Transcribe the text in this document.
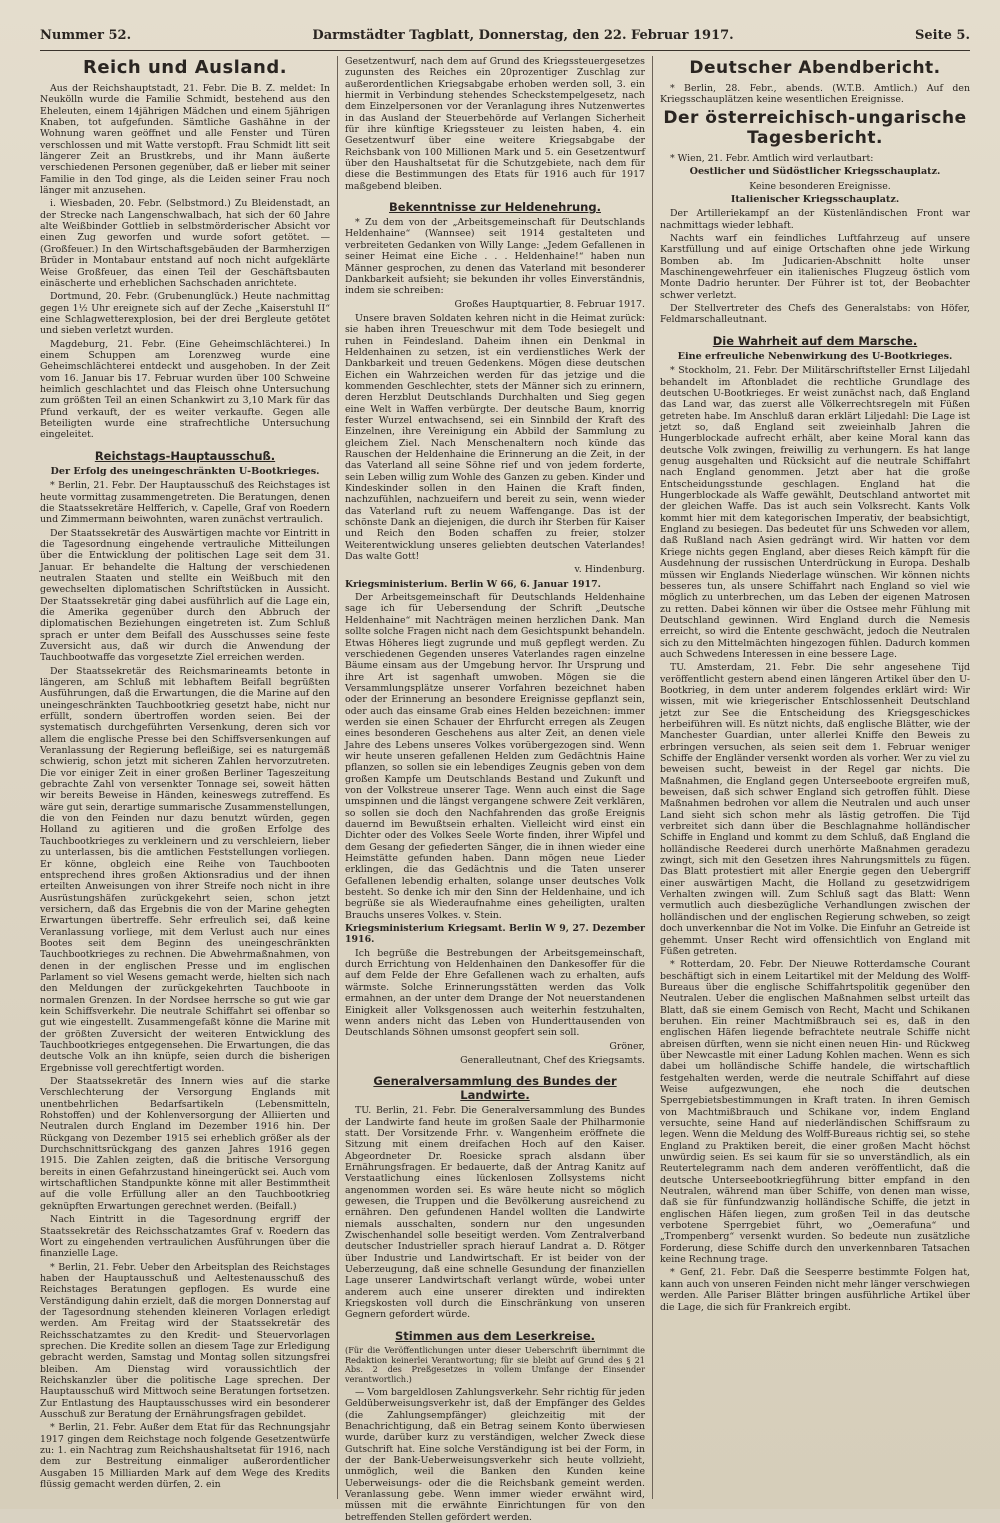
Nummer 52.	Darmstädter Tagblatt, Donnerstag, den 22. Februar 1917.	Seite 5.
Reich und Ausland.

Aus der Reichshauptstadt, 21. Febr. Die B. Z. meldet: In Neukölln wurde die Familie Schmidt, bestehend aus den Eheleuten, einem 14jährigen Mädchen und einem 5jährigen Knaben, tot aufgefunden. Sämtliche Gashähne in der Wohnung waren geöffnet und alle Fenster und Türen verschlossen und mit Watte verstopft. Frau Schmidt litt seit längerer Zeit an Brustkrebs, und ihr Mann äußerte verschiedenen Personen gegenüber, daß er lieber mit seiner Familie in den Tod ginge, als die Leiden seiner Frau noch länger mit anzusehen.

i. Wiesbaden, 20. Febr. (Selbstmord.) Zu Bleidenstadt, an der Strecke nach Langenschwalbach, hat sich der 60 Jahre alte Weißbinder Gottlieb in selbstmörderischer Absicht vor einen Zug geworfen und wurde sofort getötet. — (Großfeuer.) In den Wirtschaftsgebäuden der Barmherzigen Brüder in Montabaur entstand auf noch nicht aufgeklärte Weise Großfeuer, das einen Teil der Geschäftsbauten einäscherte und erheblichen Sachschaden anrichtete.

Dortmund, 20. Febr. (Grubenunglück.) Heute nachmittag gegen 1½ Uhr ereignete sich auf der Zeche „Kaiserstuhl II“ eine Schlagwetterexplosion, bei der drei Bergleute getötet und sieben verletzt wurden.

Magdeburg, 21. Febr. (Eine Geheimschlächterei.) In einem Schuppen am Lorenzweg wurde eine Geheimschlächterei entdeckt und ausgehoben. In der Zeit vom 16. Januar bis 17. Februar wurden über 100 Schweine heimlich geschlachtet und das Fleisch ohne Untersuchung zum größten Teil an einen Schankwirt zu 3,10 Mark für das Pfund verkauft, der es weiter verkaufte. Gegen alle Beteiligten wurde eine strafrechtliche Untersuchung eingeleitet.

Reichstags-Hauptausschuß.
Der Erfolg des uneingeschränkten U-Bootkrieges.

* Berlin, 21. Febr. Der Hauptausschuß des Reichstages ist heute vormittag zusammengetreten. Die Beratungen, denen die Staatssekretäre Helfferich, v. Capelle, Graf von Roedern und Zimmermann beiwohnten, waren zunächst vertraulich.

Der Staatssekretär des Auswärtigen machte vor Eintritt in die Tagesordnung eingehende vertrauliche Mitteilungen über die Entwicklung der politischen Lage seit dem 31. Januar. Er behandelte die Haltung der verschiedenen neutralen Staaten und stellte ein Weißbuch mit den gewechselten diplomatischen Schriftstücken in Aussicht. Der Staatssekretär ging dabei ausführlich auf die Lage ein, die Amerika gegenüber durch den Abbruch der diplomatischen Beziehungen eingetreten ist. Zum Schluß sprach er unter dem Beifall des Ausschusses seine feste Zuversicht aus, daß wir durch die Anwendung der Tauchbootwaffe das vorgesetzte Ziel erreichen werden.

Der Staatssekretär des Reichsmarineamts betonte in längeren, am Schluß mit lebhaftem Beifall begrüßten Ausführungen, daß die Erwartungen, die die Marine auf den uneingeschränkten Tauchbootkrieg gesetzt habe, nicht nur erfüllt, sondern übertroffen worden seien. Bei der systematisch durchgeführten Versenkung, deren sich vor allem die englische Presse bei den Schiffsversenkungen auf Veranlassung der Regierung befleißige, sei es naturgemäß schwierig, schon jetzt mit sicheren Zahlen hervorzutreten. Die vor einiger Zeit in einer großen Berliner Tageszeitung gebrachte Zahl von versenkter Tonnage sei, soweit hätten wir bereits Beweise in Händen, keineswegs zutreffend. Es wäre gut sein, derartige summarische Zusammenstellungen, die von den Feinden nur dazu benutzt würden, gegen Holland zu agitieren und die großen Erfolge des Tauchbootkrieges zu verkleinern und zu verschleiern, lieber zu unterlassen, bis die amtlichen Feststellungen vorliegen. Er könne, obgleich eine Reihe von Tauchbooten entsprechend ihres großen Aktionsradius und der ihnen erteilten Anweisungen von ihrer Streife noch nicht in ihre Ausrüstungshäfen zurückgekehrt seien, schon jetzt versichern, daß das Ergebnis die von der Marine gehegten Erwartungen übertreffe. Sehr erfreulich sei, daß keine Veranlassung vorliege, mit dem Verlust auch nur eines Bootes seit dem Beginn des uneingeschränkten Tauchbootkrieges zu rechnen. Die Abwehrmaßnahmen, von denen in der englischen Presse und im englischen Parlament so viel Wesens gemacht werde, hielten sich nach den Meldungen der zurückgekehrten Tauchboote in normalen Grenzen. In der Nordsee herrsche so gut wie gar kein Schiffsverkehr. Die neutrale Schiffahrt sei offenbar so gut wie eingestellt. Zusammengefaßt könne die Marine mit der größten Zuversicht der weiteren Entwicklung des Tauchbootkrieges entgegensehen. Die Erwartungen, die das deutsche Volk an ihn knüpfe, seien durch die bisherigen Ergebnisse voll gerechtfertigt worden.

Der Staatssekretär des Innern wies auf die starke Verschlechterung der Versorgung Englands mit unentbehrlichen Bedarfsartikeln (Lebensmitteln, Rohstoffen) und der Kohlenversorgung der Alliierten und Neutralen durch England im Dezember 1916 hin. Der Rückgang von Dezember 1915 sei erheblich größer als der Durchschnittsrückgang des ganzen Jahres 1916 gegen 1915. Die Zahlen zeigten, daß die britische Versorgung bereits in einen Gefahrzustand hineingerückt sei. Auch vom wirtschaftlichen Standpunkte könne mit aller Bestimmtheit auf die volle Erfüllung aller an den Tauchbootkrieg geknüpften Erwartungen gerechnet werden. (Beifall.)

Nach Eintritt in die Tagesordnung ergriff der Staatssekretär des Reichsschatzamtes Graf v. Roedern das Wort zu eingehenden vertraulichen Ausführungen über die finanzielle Lage.

* Berlin, 21. Febr. Ueber den Arbeitsplan des Reichstages haben der Hauptausschuß und Aeltestenausschuß des Reichstages Beratungen gepflogen. Es wurde eine Verständigung dahin erzielt, daß die morgen Donnerstag auf der Tagesordnung stehenden kleineren Vorlagen erledigt werden. Am Freitag wird der Staatssekretär des Reichsschatzamtes zu den Kredit- und Steuervorlagen sprechen. Die Kredite sollen an diesem Tage zur Erledigung gebracht werden, Samstag und Montag sollen sitzungsfrei bleiben. Am Dienstag wird voraussichtlich der Reichskanzler über die politische Lage sprechen. Der Hauptausschuß wird Mittwoch seine Beratungen fortsetzen. Zur Entlastung des Hauptausschusses wird ein besonderer Ausschuß zur Beratung der Ernährungsfragen gebildet.

* Berlin, 21. Febr. Außer dem Etat für das Rechnungsjahr 1917 gingen dem Reichstage noch folgende Gesetzentwürfe zu: 1. ein Nachtrag zum Reichshaushaltsetat für 1916, nach dem zur Bestreitung einmaliger außerordentlicher Ausgaben 15 Milliarden Mark auf dem Wege des Kredits flüssig gemacht werden dürfen, 2. ein

Gesetzentwurf, nach dem auf Grund des Kriegssteuergesetzes zugunsten des Reiches ein 20prozentiger Zuschlag zur außerordentlichen Kriegsabgabe erhoben werden soll, 3. ein hiermit in Verbindung stehendes Scheckstempelgesetz, nach dem Einzelpersonen vor der Veranlagung ihres Nutzenwertes in das Ausland der Steuerbehörde auf Verlangen Sicherheit für ihre künftige Kriegssteuer zu leisten haben, 4. ein Gesetzentwurf über eine weitere Kriegsabgabe der Reichsbank von 100 Millionen Mark und 5. ein Gesetzentwurf über den Haushaltsetat für die Schutzgebiete, nach dem für diese die Bestimmungen des Etats für 1916 auch für 1917 maßgebend bleiben.

Bekenntnisse zur Heldenehrung.

* Zu dem von der „Arbeitsgemeinschaft für Deutschlands Heldenhaine“ (Wannsee) seit 1914 gestalteten und verbreiteten Gedanken von Willy Lange: „Jedem Gefallenen in seiner Heimat eine Eiche . . . Heldenhaine!“ haben nun Männer gesprochen, zu denen das Vaterland mit besonderer Dankbarkeit aufsieht; sie bekunden ihr volles Einverständnis, indem sie schreiben:

Großes Hauptquartier, 8. Februar 1917.

Unsere braven Soldaten kehren nicht in die Heimat zurück: sie haben ihren Treueschwur mit dem Tode besiegelt und ruhen in Feindesland. Daheim ihnen ein Denkmal in Heldenhainen zu setzen, ist ein verdienstliches Werk der Dankbarkeit und treuen Gedenkens. Mögen diese deutschen Eichen ein Wahrzeichen werden für das jetzige und die kommenden Geschlechter, stets der Männer sich zu erinnern, deren Herzblut Deutschlands Durchhalten und Sieg gegen eine Welt in Waffen verbürgte. Der deutsche Baum, knorrig fester Wurzel entwachsend, sei ein Sinnbild der Kraft des Einzelnen, ihre Vereinigung ein Abbild der Sammlung zu gleichem Ziel. Nach Menschenaltern noch künde das Rauschen der Heldenhaine die Erinnerung an die Zeit, in der das Vaterland all seine Söhne rief und von jedem forderte, sein Leben willig zum Wohle des Ganzen zu geben. Kinder und Kindeskinder sollen in den Hainen die Kraft finden, nachzufühlen, nachzueifern und bereit zu sein, wenn wieder das Vaterland ruft zu neuem Waffengange. Das ist der schönste Dank an diejenigen, die durch ihr Sterben für Kaiser und Reich den Boden schaffen zu freier, stolzer Weiterentwicklung unseres geliebten deutschen Vaterlandes! Das walte Gott!

v. Hindenburg.

Kriegsministerium. Berlin W 66, 6. Januar 1917.

Der Arbeitsgemeinschaft für Deutschlands Heldenhaine sage ich für Uebersendung der Schrift „Deutsche Heldenhaine“ mit Nachträgen meinen herzlichen Dank. Man sollte solche Fragen nicht nach dem Gesichtspunkt behandeln. Etwas Höheres liegt zugrunde und muß gepflegt werden. Zu verschiedenen Gegenden unseres Vaterlandes ragen einzelne Bäume einsam aus der Umgebung hervor. Ihr Ursprung und ihre Art ist sagenhaft umwoben. Mögen sie die Versammlungsplätze unserer Vorfahren bezeichnet haben oder der Erinnerung an besondere Ereignisse gepflanzt sein, oder auch das einsame Grab eines Helden bezeichnen: immer werden sie einen Schauer der Ehrfurcht erregen als Zeugen eines besonderen Geschehens aus alter Zeit, an denen viele Jahre des Lebens unseres Volkes vorübergezogen sind. Wenn wir heute unseren gefallenen Helden zum Gedächtnis Haine pflanzen, so sollen sie ein lebendiges Zeugnis geben von dem großen Kampfe um Deutschlands Bestand und Zukunft und von der Volkstreue unserer Tage. Wenn auch einst die Sage umspinnen und die längst vergangene schwere Zeit verklären, so sollen sie doch den Nachfahrenden das große Ereignis dauernd im Bewußtsein erhalten. Vielleicht wird einst ein Dichter oder des Volkes Seele Worte finden, ihrer Wipfel und dem Gesang der gefiederten Sänger, die in ihnen wieder eine Heimstätte gefunden haben. Dann mögen neue Lieder erklingen, die das Gedächtnis und die Taten unserer Gefallenen lebendig erhalten, solange unser deutsches Volk besteht. So denke ich mir den Sinn der Heldenhaine, und ich begrüße sie als Wiederaufnahme eines geheiligten, uralten Brauchs unseres Volkes. v. Stein.

Kriegsministerium Kriegsamt. Berlin W 9, 27. Dezember 1916.

Ich begrüße die Bestrebungen der Arbeitsgemeinschaft, durch Errichtung von Heldenhainen den Dankesoffer für die auf dem Felde der Ehre Gefallenen wach zu erhalten, aufs wärmste. Solche Erinnerungsstätten werden das Volk ermahnen, an der unter dem Drange der Not neuerstandenen Einigkeit aller Volksgenossen auch weiterhin festzuhalten, wenn anders nicht das Leben von Hunderttausenden von Deutschlands Söhnen umsonst geopfert sein soll.

Gröner,

Generalleutnant, Chef des Kriegsamts.

Generalversammlung des Bundes der Landwirte.

TU. Berlin, 21. Febr. Die Generalversammlung des Bundes der Landwirte fand heute im großen Saale der Philharmonie statt. Der Vorsitzende Frhr. v. Wangenheim eröffnete die Sitzung mit einem dreifachen Hoch auf den Kaiser. Abgeordneter Dr. Roesicke sprach alsdann über Ernährungsfragen. Er bedauerte, daß der Antrag Kanitz auf Verstaatlichung eines lückenlosen Zollsystems nicht angenommen worden sei. Es wäre heute nicht so möglich gewesen, die Truppen und die Bevölkerung ausreichend zu ernähren. Den gefundenen Handel wollten die Landwirte niemals ausschalten, sondern nur den ungesunden Zwischenhandel solle beseitigt werden. Vom Zentralverband deutscher Industrieller sprach hierauf Landrat a. D. Rötger über Industrie und Landwirtschaft. Er ist beider von der Ueberzeugung, daß eine schnelle Gesundung der finanziellen Lage unserer Landwirtschaft verlangt würde, wobei unter anderem auch eine unserer direkten und indirekten Kriegskosten voll durch die Einschränkung von unseren Gegnern gefordert würde.

Stimmen aus dem Leserkreise.

(Für die Veröffentlichungen unter dieser Ueberschrift übernimmt die Redaktion keinerlei Verantwortung; für sie bleibt auf Grund des § 21 Abs. 2 des Preßgesetzes in vollem Umfange der Einsender verantwortlich.)

— Vom bargeldlosen Zahlungsverkehr. Sehr richtig für jeden Geldüberweisungsverkehr ist, daß der Empfänger des Geldes (die Zahlungsempfänger) gleichzeitig mit der Benachrichtigung, daß ein Betrag seinem Konto überwiesen wurde, darüber kurz zu verständigen, welcher Zweck diese Gutschrift hat. Eine solche Verständigung ist bei der Form, in der der Bank-Ueberweisungsverkehr sich heute vollzieht, unmöglich, weil die Banken den Kunden keine Ueberweisungs- oder die die Reichsbank gemeint werden. Veranlassung gebe. Wenn immer wieder erwähnt wird, müssen mit die erwähnte Einrichtungen für von den betreffenden Stellen gefördert werden.

Deutscher Abendbericht.

* Berlin, 28. Febr., abends. (W.T.B. Amtlich.) Auf den Kriegsschauplätzen keine wesentlichen Ereignisse.

Der österreichisch-ungarische Tagesbericht.

* Wien, 21. Febr. Amtlich wird verlautbart:

Oestlicher und Südöstlicher Kriegsschauplatz.

Keine besonderen Ereignisse.

Italienischer Kriegsschauplatz.

Der Artilleriekampf an der Küstenländischen Front war nachmittags wieder lebhaft.

Nachts warf ein feindliches Luftfahrzeug auf unsere Karstfüllung und auf einige Ortschaften ohne jede Wirkung Bomben ab. Im Judicarien-Abschnitt holte unser Maschinengewehrfeuer ein italienisches Flugzeug östlich vom Monte Dadrio herunter. Der Führer ist tot, der Beobachter schwer verletzt.

Der Stellvertreter des Chefs des Generalstabs: von Höfer, Feldmarschalleutnant.

Die Wahrheit auf dem Marsche.
Eine erfreuliche Nebenwirkung des U-Bootkrieges.

* Stockholm, 21. Febr. Der Militärschriftsteller Ernst Liljedahl behandelt im Aftonbladet die rechtliche Grundlage des deutschen U-Bootkrieges. Er weist zunächst nach, daß England das Land war, das zuerst alle Völkerrechtsregeln mit Füßen getreten habe. Im Anschluß daran erklärt Liljedahl: Die Lage ist jetzt so, daß England seit zweieinhalb Jahren die Hungerblockade aufrecht erhält, aber keine Moral kann das deutsche Volk zwingen, freiwillig zu verhungern. Es hat lange genug ausgehalten und Rücksicht auf die neutrale Schiffahrt nach England genommen. Jetzt aber hat die große Entscheidungsstunde geschlagen. England hat die Hungerblockade als Waffe gewählt, Deutschland antwortet mit der gleichen Waffe. Das ist auch sein Volksrecht. Kants Volk kommt hier mit dem kategorischen Imperativ, der beabsichtigt, England zu besiegen. Das bedeutet für uns Schweden vor allem, daß Rußland nach Asien gedrängt wird. Wir hatten vor dem Kriege nichts gegen England, aber dieses Reich kämpft für die Ausdehnung der russischen Unterdrückung in Europa. Deshalb müssen wir Englands Niederlage wünschen. Wir können nichts besseres tun, als unsere Schiffahrt nach England so viel wie möglich zu unterbrechen, um das Leben der eigenen Matrosen zu retten. Dabei können wir über die Ostsee mehr Fühlung mit Deutschland gewinnen. Wird England durch die Nemesis erreicht, so wird die Entente geschwächt, jedoch die Neutralen sich zu den Mittelmächten hingezogen fühlen. Dadurch kommen auch Schwedens Interessen in eine bessere Lage.

TU. Amsterdam, 21. Febr. Die sehr angesehene Tijd veröffentlicht gestern abend einen längeren Artikel über den U-Bootkrieg, in dem unter anderem folgendes erklärt wird: Wir wissen, mit wie kriegerischer Entschlossenheit Deutschland jetzt zur See die Entscheidung des Kriegsgeschickes herbeiführen will. Es nützt nichts, daß englische Blätter, wie der Manchester Guardian, unter allerlei Kniffe den Beweis zu erbringen versuchen, als seien seit dem 1. Februar weniger Schiffe der Engländer versenkt worden als vorher. Wer zu viel zu beweisen sucht, beweist in der Regel gar nichts. Die Maßnahmen, die England gegen Unterseeboote ergreifen muß, beweisen, daß sich schwer England sich getroffen fühlt. Diese Maßnahmen bedrohen vor allem die Neutralen und auch unser Land sieht sich schon mehr als lästig getroffen. Die Tijd verbreitet sich dann über die Beschlagnahme holländischer Schiffe in England und kommt zu dem Schluß, daß England die holländische Reederei durch unerhörte Maßnahmen geradezu zwingt, sich mit den Gesetzen ihres Nahrungsmittels zu fügen. Das Blatt protestiert mit aller Energie gegen den Uebergriff einer auswärtigen Macht, die Holland zu gesetzwidrigem Verhalten zwingen will. Zum Schluß sagt das Blatt: Wenn vermutlich auch diesbezügliche Verhandlungen zwischen der holländischen und der englischen Regierung schweben, so zeigt doch unverkennbar die Not im Volke. Die Einfuhr an Getreide ist gehemmt. Unser Recht wird offensichtlich von England mit Füßen getreten.

* Rotterdam, 20. Febr. Der Nieuwe Rotterdamsche Courant beschäftigt sich in einem Leitartikel mit der Meldung des Wolff-Bureaus über die englische Schiffahrtspolitik gegenüber den Neutralen. Ueber die englischen Maßnahmen selbst urteilt das Blatt, daß sie einem Gemisch von Recht, Macht und Schikanen beruhen. Ein reiner Machtmißbrauch sei es, daß in den englischen Häfen liegende befrachtete neutrale Schiffe nicht abreisen dürften, wenn sie nicht einen neuen Hin- und Rückweg über Newcastle mit einer Ladung Kohlen machen. Wenn es sich dabei um holländische Schiffe handele, die wirtschaftlich festgehalten werden, werde die neutrale Schiffahrt auf diese Weise aufgezwungen, ehe noch die deutschen Sperrgebietsbestimmungen in Kraft traten. In ihren Gemisch von Machtmißbrauch und Schikane vor, indem England versuchte, seine Hand auf niederländischen Schiffsraum zu legen. Wenn die Meldung des Wolff-Bureaus richtig sei, so stehe England zu Praktiken bereit, die einer großen Macht höchst unwürdig seien. Es sei kaum für sie so unverständlich, als ein Reutertelegramm nach dem anderen veröffentlicht, daß die deutsche Unterseebootkriegführung bitter empfand in den Neutralen, während man über Schiffe, von denen man wisse, daß sie für fünfundzwanzig holländische Schiffe, die jetzt in englischen Häfen liegen, zum großen Teil in das deutsche verbotene Sperrgebiet führt, wo „Oemerafuna“ und „Trompenberg“ versenkt wurden. So bedeute nun zusätzliche Forderung, diese Schiffe durch den unverkennbaren Tatsachen keine Rechnung trage.

* Genf, 21. Febr. Daß die Seesperre bestimmte Folgen hat, kann auch von unseren Feinden nicht mehr länger verschwiegen werden. Alle Pariser Blätter bringen ausführliche Artikel über die Lage, die sich für Frankreich ergibt.
